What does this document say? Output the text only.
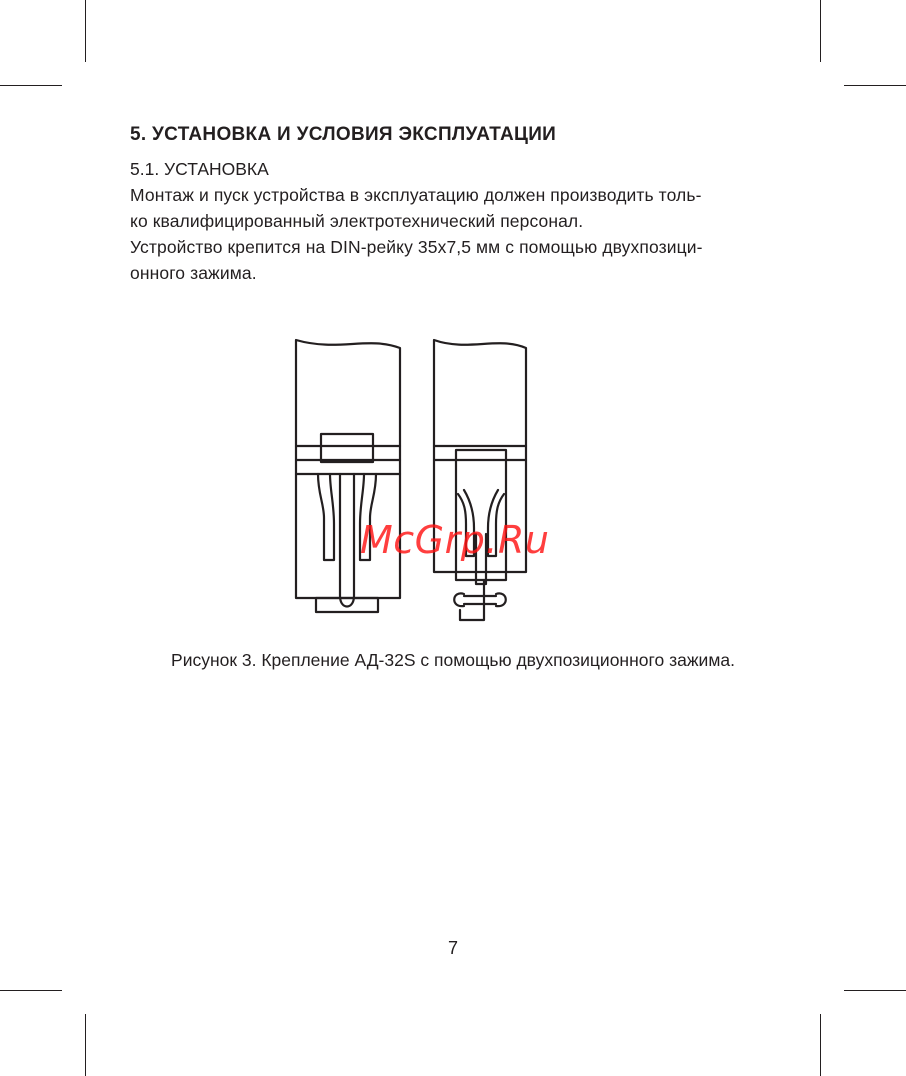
5. УСТАНОВКА И УСЛОВИЯ ЭКСПЛУАТАЦИИ

5.1. УСТАНОВКА

Монтаж и пуск устройства в эксплуатацию должен производить толь-
ко квалифицированный электротехнический персонал.

Устройство крепится на DIN-рейку 35х7,5 мм с помощью двухпозици-
онного зажима.

Рисунок 3. Крепление АД-32S с помощью двухпозиционного зажима.
7
McGrp.Ru
